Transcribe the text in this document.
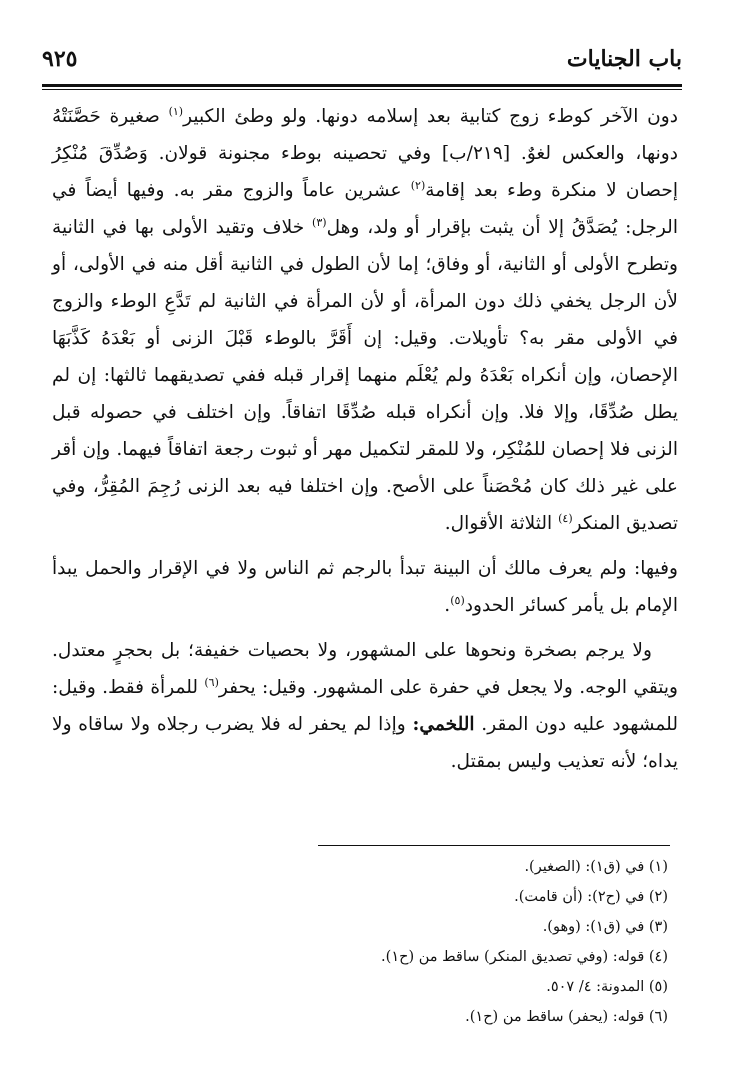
باب الجنايات
٩٢٥

دون الآخر كوطء زوج كتابية بعد إسلامه دونها. ولو وطئ الكبير$^{(١)}$ صغيرة حَصَّنَتْهُ دونها، والعكس لغوٌ. [٢١٩/ب] وفي تحصينه بوطء مجنونة قولان. وَصُدِّقَ مُنْكِرُ إحصان لا منكرة وطء بعد إقامة$^{(٢)}$ عشرين عاماً والزوج مقر به. وفيها أيضاً في الرجل: يُصَدَّقُ إلا أن يثبت بإقرار أو ولد، وهل$^{(٣)}$ خلاف وتقيد الأولى بها في الثانية وتطرح الأولى أو الثانية، أو وفاق؛ إما لأن الطول في الثانية أقل منه في الأولى، أو لأن الرجل يخفي ذلك دون المرأة، أو لأن المرأة في الثانية لم تَدَّعِ الوطء والزوج في الأولى مقر به؟ تأويلات. وقيل: إن أَقَرَّ بالوطء قَبْلَ الزنى أو بَعْدَهُ كَذَّبَهَا الإحصان، وإن أنكراه بَعْدَهُ ولم يُعْلَم منهما إقرار قبله ففي تصديقهما ثالثها: إن لم يطل صُدِّقَا، وإلا فلا. وإن أنكراه قبله صُدِّقَا اتفاقاً. وإن اختلف في حصوله قبل الزنى فلا إحصان للمُنْكِر، ولا للمقر لتكميل مهر أو ثبوت رجعة اتفاقاً فيهما. وإن أقر على غير ذلك كان مُحْصَناً على الأصح. وإن اختلفا فيه بعد الزنى رُجِمَ المُقِرُّ، وفي تصديق المنكر$^{(٤)}$ الثلاثة الأقوال.

وفيها: ولم يعرف مالك أن البينة تبدأ بالرجم ثم الناس ولا في الإقرار والحمل يبدأ الإمام بل يأمر كسائر الحدود$^{(٥)}$.

ولا يرجم بصخرة ونحوها على المشهور، ولا بحصيات خفيفة؛ بل بحجرٍ معتدل. ويتقي الوجه. ولا يجعل في حفرة على المشهور. وقيل: يحفر$^{(٦)}$ للمرأة فقط. وقيل: للمشهود عليه دون المقر. اللخمي: وإذا لم يحفر له فلا يضرب رجلاه ولا ساقاه ولا يداه؛ لأنه تعذيب وليس بمقتل.

(١) في (ق١): (الصغير).

(٢) في (ح٢): (أن قامت).

(٣) في (ق١): (وهو).

(٤) قوله: (وفي تصديق المنكر) ساقط من (ح١).

(٥) المدونة: ٤/ ٥٠٧.

(٦) قوله: (يحفر) ساقط من (ح١).
